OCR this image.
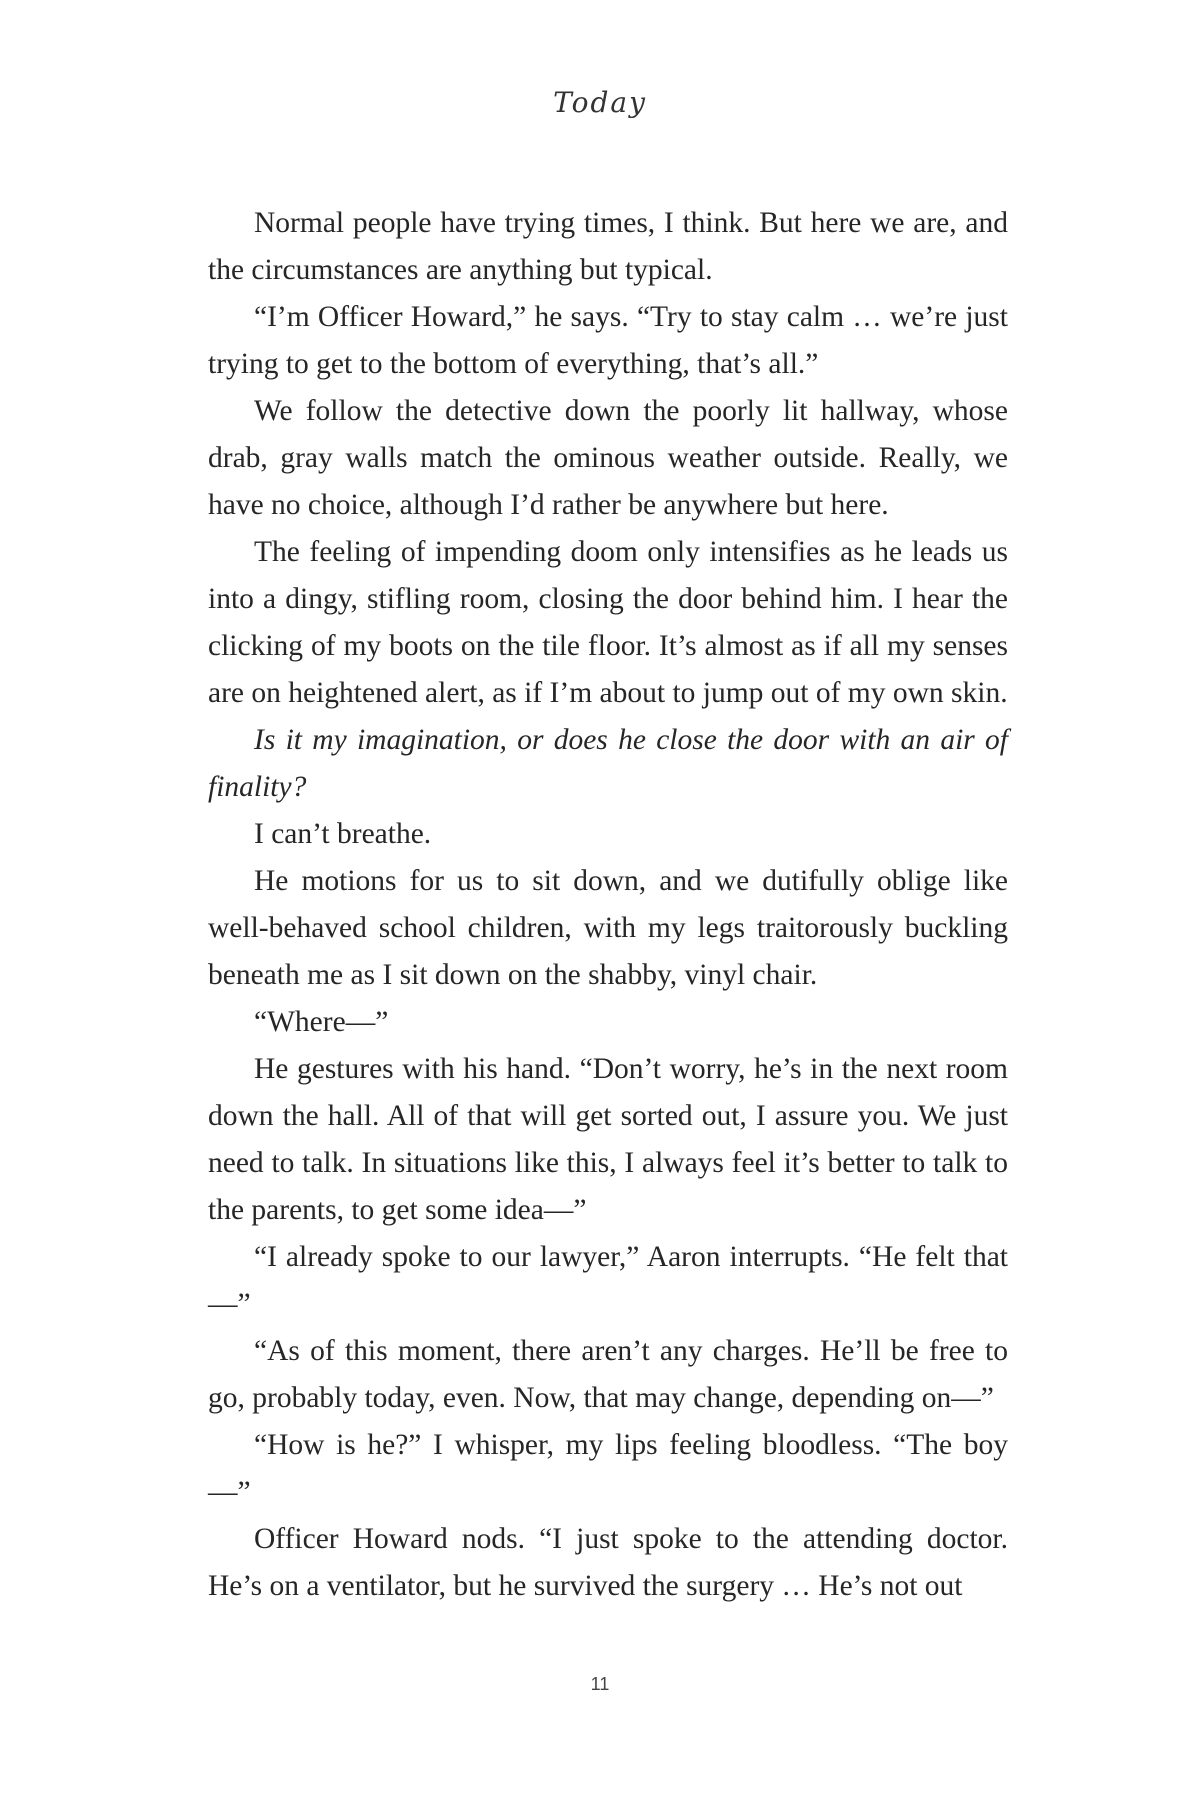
Today

Normal people have trying times, I think. But here we are, and the circumstances are anything but typical.

“I’m Officer Howard,” he says. “Try to stay calm … we’re just trying to get to the bottom of everything, that’s all.”

We follow the detective down the poorly lit hallway, whose drab, gray walls match the ominous weather outside. Really, we have no choice, although I’d rather be anywhere but here.

The feeling of impending doom only intensifies as he leads us into a dingy, stifling room, closing the door behind him. I hear the clicking of my boots on the tile floor. It’s almost as if all my senses are on heightened alert, as if I’m about to jump out of my own skin.

Is it my imagination, or does he close the door with an air of finality?

I can’t breathe.

He motions for us to sit down, and we dutifully oblige like well-behaved school children, with my legs traitorously buckling beneath me as I sit down on the shabby, vinyl chair.

“Where—”

He gestures with his hand. “Don’t worry, he’s in the next room down the hall. All of that will get sorted out, I assure you. We just need to talk. In situations like this, I always feel it’s better to talk to the parents, to get some idea—”

“I already spoke to our lawyer,” Aaron interrupts. “He felt that—”

“As of this moment, there aren’t any charges. He’ll be free to go, probably today, even. Now, that may change, depending on—”

“How is he?” I whisper, my lips feeling bloodless. “The boy—”

Officer Howard nods. “I just spoke to the attending doctor. He’s on a ventilator, but he survived the surgery … He’s not out

11
